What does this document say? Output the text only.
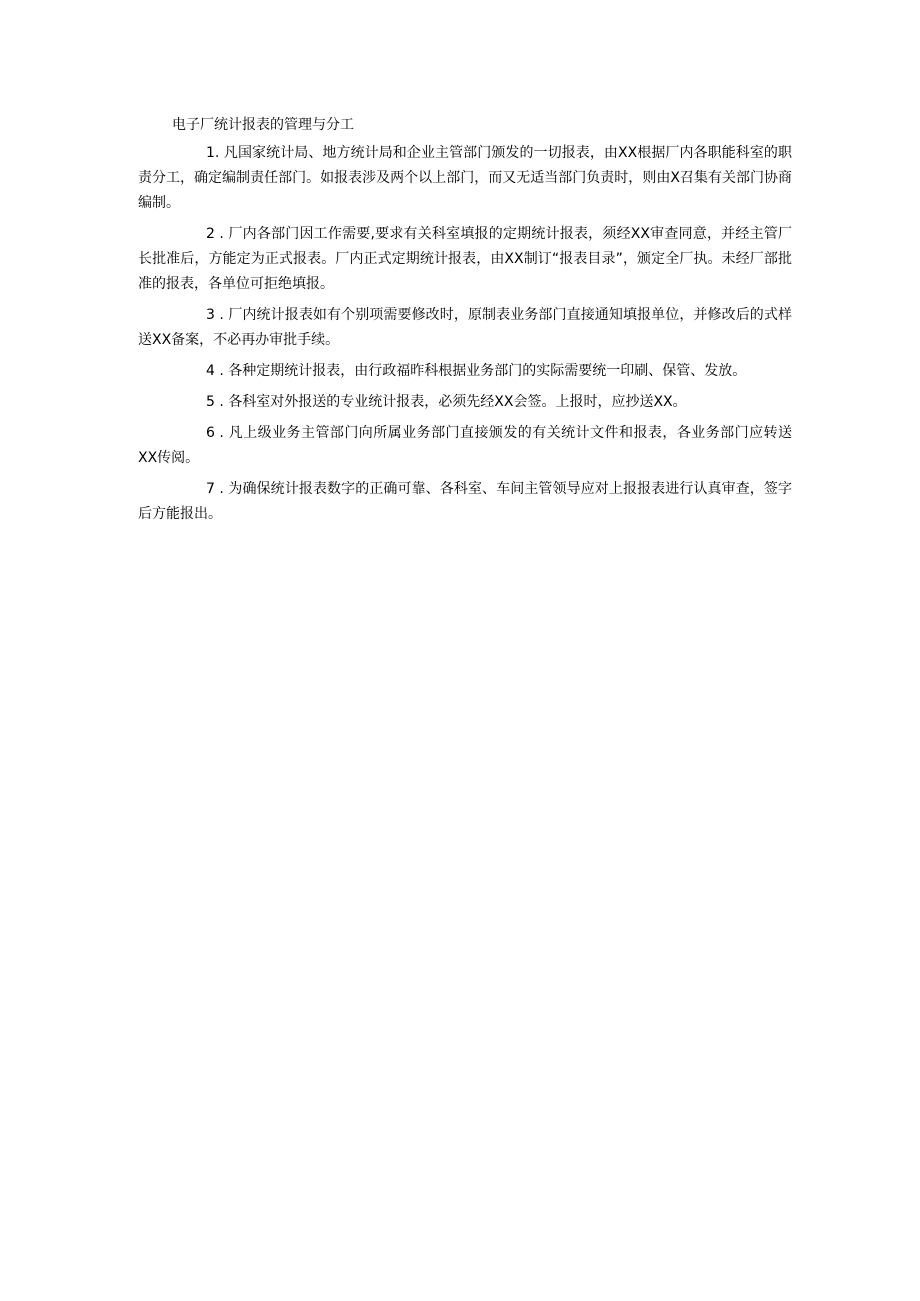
电子厂统计报表的管理与分工
1. 凡国家统计局、地方统计局和企业主管部门颁发的一切报表，由XX根据厂内各职能科室的职责分工，确定编制责任部门。如报表涉及两个以上部门，而又无适当部门负责时，则由X召集有关部门协商编制。
2 . 厂内各部门因工作需要,要求有关科室填报的定期统计报表，须经XX审查同意，并经主管厂长批准后，方能定为正式报表。厂内正式定期统计报表，由XX制订“报表目录”，颁定全厂执。未经厂部批准的报表，各单位可拒绝填报。
3 . 厂内统计报表如有个别项需要修改时，原制表业务部门直接通知填报单位，并修改后的式样送XX备案，不必再办审批手续。
4 . 各种定期统计报表，由行政福昨科根据业务部门的实际需要统一印刷、保管、发放。
5 . 各科室对外报送的专业统计报表，必须先经XX会签。上报时，应抄送XX。
6 . 凡上级业务主管部门向所属业务部门直接颁发的有关统计文件和报表，各业务部门应转送XX传阅。
7 . 为确保统计报表数字的正确可靠、各科室、车间主管领导应对上报报表进行认真审查，签字后方能报出。
